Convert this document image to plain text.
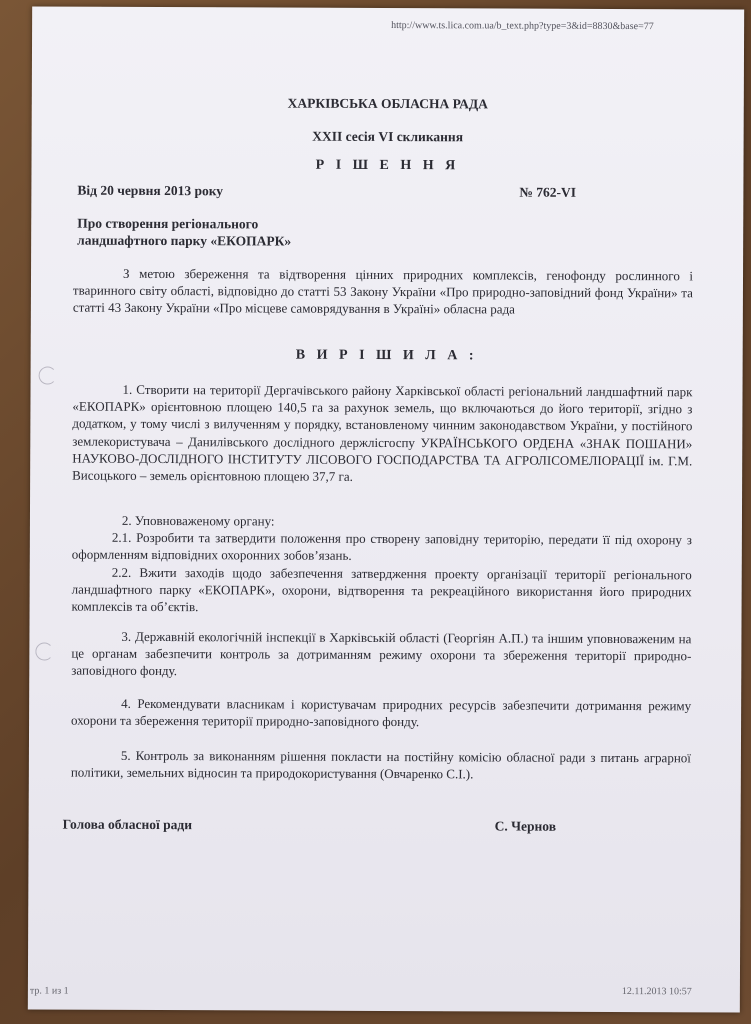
http://www.ts.lica.com.ua/b_text.php?type=3&id=8830&base=77
ХАРКІВСЬКА ОБЛАСНА РАДА
XXII сесія VI скликання
Р І Ш Е Н Н Я
Від 20 червня 2013 року	№ 762-VI
Про створення регіонального
ландшафтного парку «ЕКОПАРК»

З метою збереження та відтворення цінних природних комплексів, генофонду рослинного і тваринного світу області, відповідно до статті 53 Закону України «Про природно-заповідний фонд України» та статті 43 Закону України «Про місцеве самоврядування в Україні» обласна рада

В И Р І Ш И Л А :

1. Створити на території Дергачівського району Харківської області регіональний ландшафтний парк «ЕКОПАРК» орієнтовною площею 140,5 га за рахунок земель, що включаються до його території, згідно з додатком, у тому числі з вилученням у порядку, встановленому чинним законодавством України, у постійного землекористувача – Данилівського дослідного держлісгоспу УКРАЇНСЬКОГО ОРДЕНА «ЗНАК ПОШАНИ» НАУКОВО-ДОСЛІДНОГО ІНСТИТУТУ ЛІСОВОГО ГОСПОДАРСТВА ТА АГРОЛІСОМЕЛІОРАЦІЇ ім. Г.М. Висоцького – земель орієнтовною площею 37,7 га.

2. Уповноваженому органу:

2.1. Розробити та затвердити положення про створену заповідну територію, передати її під охорону з оформленням відповідних охоронних зобов’язань.

2.2. Вжити заходів щодо забезпечення затвердження проекту організації території регіонального ландшафтного парку «ЕКОПАРК», охорони, відтворення та рекреаційного використання його природних комплексів та об’єктів.

3. Державній екологічній інспекції в Харківській області (Георгіян А.П.) та іншим уповноваженим на це органам забезпечити контроль за дотриманням режиму охорони та збереження території природно-заповідного фонду.

4. Рекомендувати власникам і користувачам природних ресурсів забезпечити дотримання режиму охорони та збереження території природно-заповідного фонду.

5. Контроль за виконанням рішення покласти на постійну комісію обласної ради з питань аграрної політики, земельних відносин та природокористування (Овчаренко С.І.).

Голова обласної ради	С. Чернов
тр. 1 из 1	12.11.2013 10:57
